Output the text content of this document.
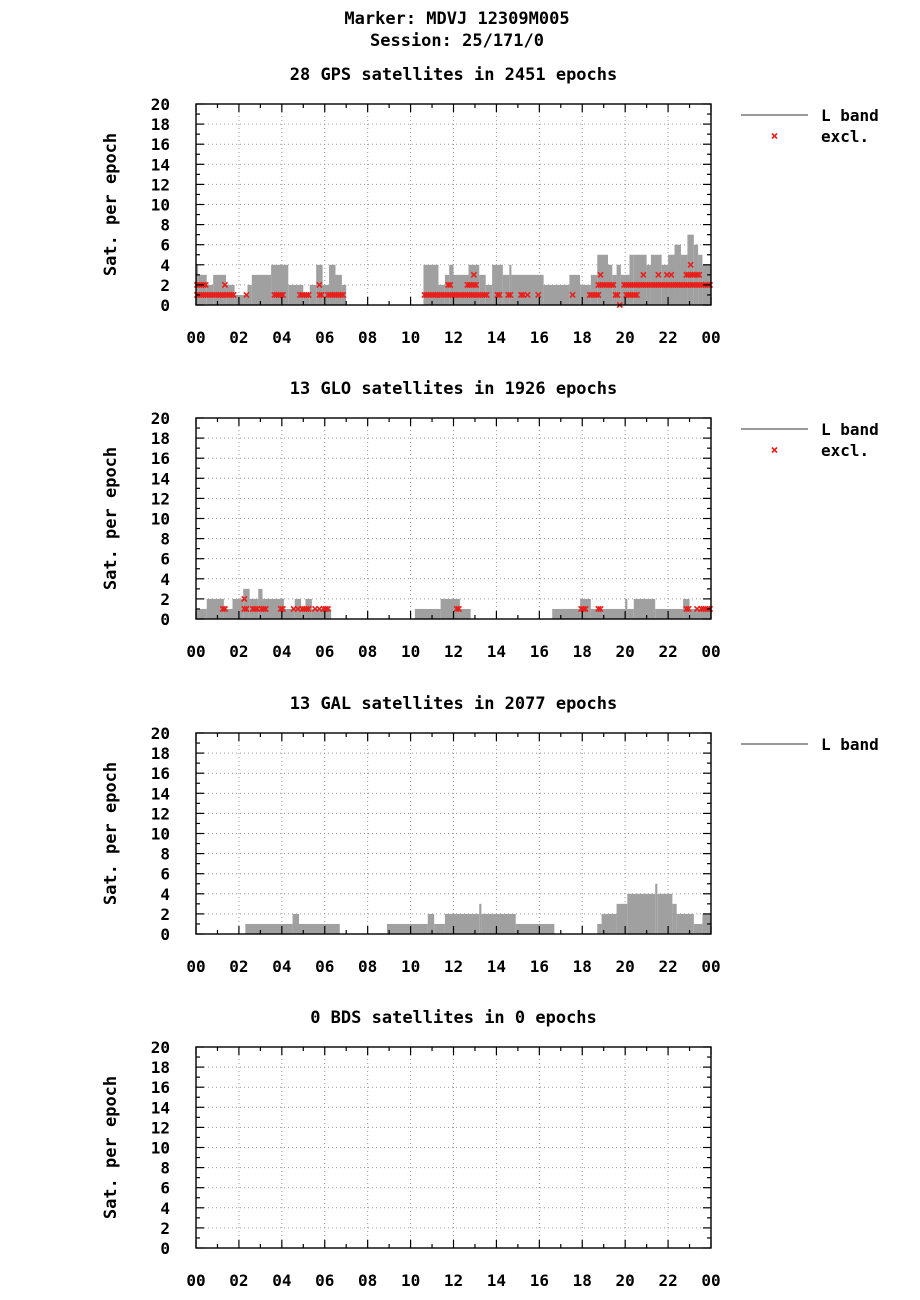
Marker: MDVJ 12309M005
Session: 25/171/0
28 GPS satellites in 2451 epochs
Sat. per epoch
0
2
4
6
8
10
12
14
16
18
20
00 02 04 06 08 10 12 14 16 18 20 22 00
L band
excl.
13 GLO satellites in 1926 epochs
Sat. per epoch
0
2
4
6
8
10
12
14
16
18
20
00 02 04 06 08 10 12 14 16 18 20 22 00
L band
excl.
13 GAL satellites in 2077 epochs
Sat. per epoch
0
2
4
6
8
10
12
14
16
18
20
00 02 04 06 08 10 12 14 16 18 20 22 00
L band
0 BDS satellites in 0 epochs
Sat. per epoch
0
2
4
6
8
10
12
14
16
18
20
00 02 04 06 08 10 12 14 16 18 20 22 00
